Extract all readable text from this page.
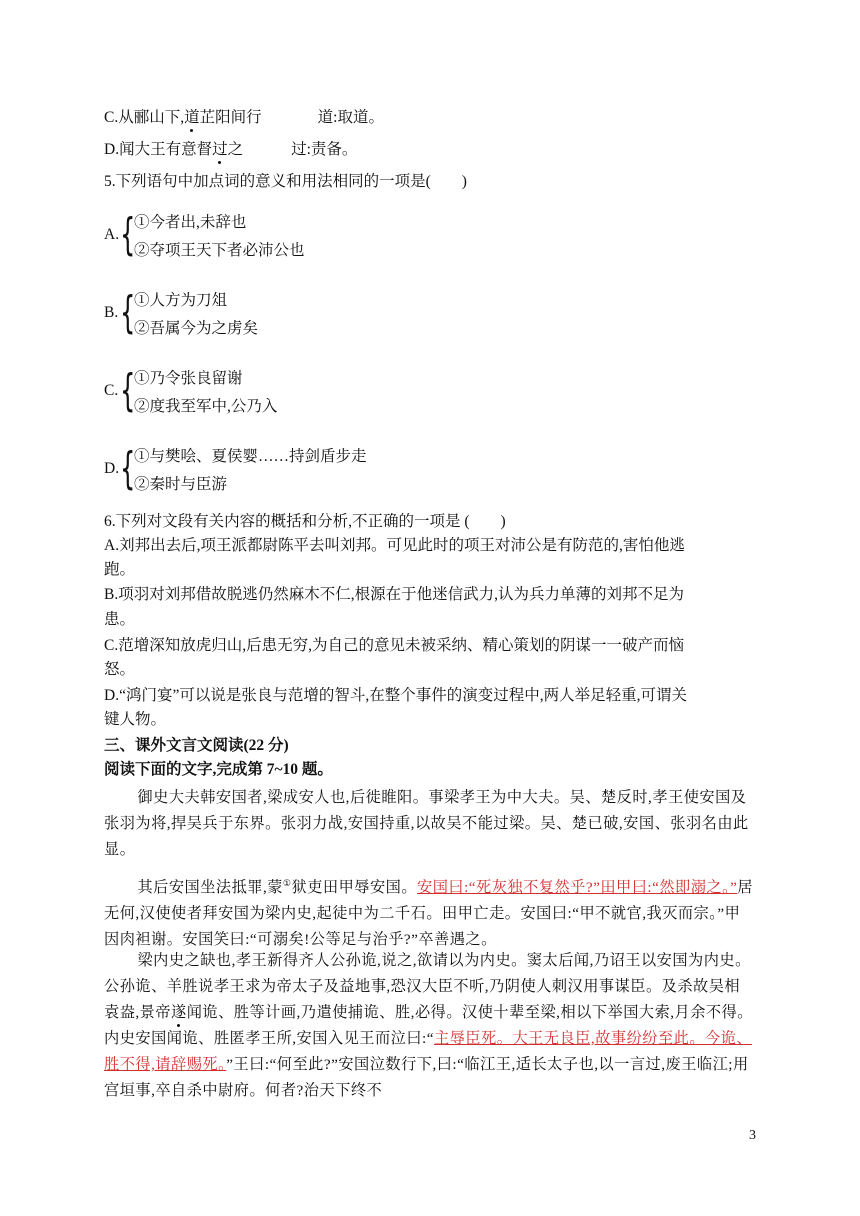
C.从郦山下,道芷阳间行	道:取道。
D.闻大王有意督过之	过:责备。
5.下列语句中加点词的意义和用法相同的一项是(　　)
A. {
①今者出,未辞也
②夺项王天下者必沛公也
B. {
①人方为刀俎
②吾属今为之虏矣
C. {
①乃令张良留谢
②度我至军中,公乃入
D. {
①与樊哙、夏侯婴……持剑盾步走
②秦时与臣游
6.下列对文段有关内容的概括和分析,不正确的一项是 (　　)
A.刘邦出去后,项王派都尉陈平去叫刘邦。可见此时的项王对沛公是有防范的,害怕他逃
跑。
B.项羽对刘邦借故脱逃仍然麻木不仁,根源在于他迷信武力,认为兵力单薄的刘邦不足为
患。
C.范增深知放虎归山,后患无穷,为自己的意见未被采纳、精心策划的阴谋一一破产而恼
怒。
D.“鸿门宴”可以说是张良与范增的智斗,在整个事件的演变过程中,两人举足轻重,可谓关
键人物。
三、课外文言文阅读(22 分)
阅读下面的文字,完成第 7~10 题。
御史大夫韩安国者,梁成安人也,后徙睢阳。事梁孝王为中大夫。吴、楚反时,孝王使安国及张羽为将,捍吴兵于东界。张羽力战,安国持重,以故吴不能过梁。吴、楚已破,安国、张羽名由此显。
其后安国坐法抵罪,蒙①狱吏田甲辱安国。安国曰:“死灰独不复然乎?”田甲曰:“然即溺之。”居无何,汉使使者拜安国为梁内史,起徒中为二千石。田甲亡走。安国曰:“甲不就官,我灭而宗。”甲因肉袒谢。安国笑曰:“可溺矣!公等足与治乎?”卒善遇之。
梁内史之缺也,孝王新得齐人公孙诡,说之,欲请以为内史。窦太后闻,乃诏王以安国为内史。公孙诡、羊胜说孝王求为帝太子及益地事,恐汉大臣不听,乃阴使人刺汉用事谋臣。及杀故吴相袁盎,景帝遂闻诡、胜等计画,乃遣使捕诡、胜,必得。汉使十辈至梁,相以下举国大索,月余不得。内史安国闻诡、胜匿孝王所,安国入见王而泣曰:“主辱臣死。大王无良臣,故事纷纷至此。今诡、胜不得,请辞赐死。”王曰:“何至此?”安国泣数行下,曰:“临江王,适长太子也,以一言过,废王临江;用宫垣事,卒自杀中尉府。何者?治天下终不
3
